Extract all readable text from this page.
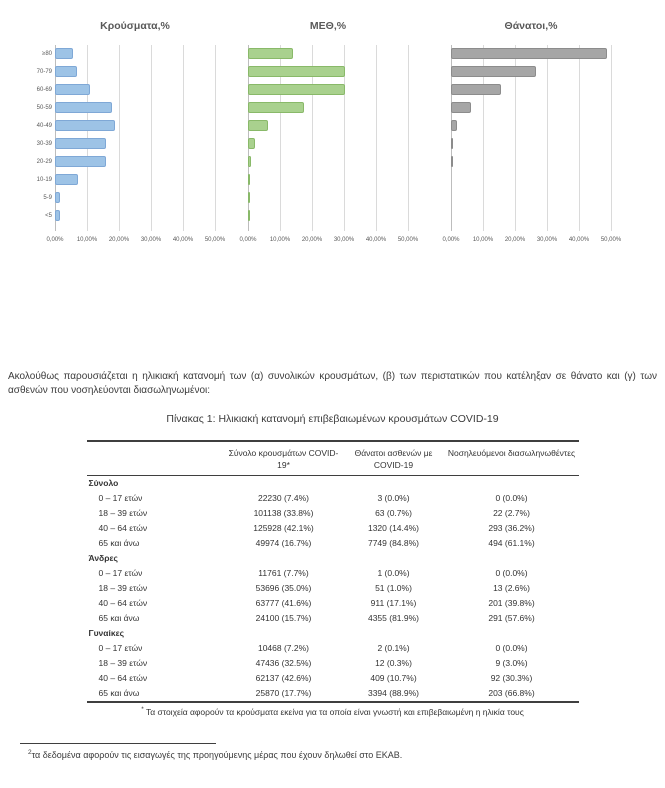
Κρούσματα,%
≥80
70-79
60-69
50-59
40-49
30-39
20-29
10-19
5-9
<5
0,00%	10,00%	20,00%	30,00%	40,00%	50,00%
ΜΕΘ,%
0,00%	10,00%	20,00%	30,00%	40,00%	50,00%
Θάνατοι,%
0,00%	10,00%	20,00%	30,00%	40,00%	50,00%

Ακολούθως παρουσιάζεται η ηλικιακή κατανομή των (α) συνολικών κρουσμάτων, (β) των περιστατικών που κατέληξαν σε θάνατο και (γ) των ασθενών που νοσηλεύονται διασωληνωμένοι:

Πίνακας 1: Ηλικιακή κατανομή επιβεβαιωμένων κρουσμάτων COVID-19
	Σύνολο κρουσμάτων COVID-19*	Θάνατοι ασθενών με COVID-19	Νοσηλευόμενοι διασωληνωθέντες
Σύνολο			
0 – 17 ετών	22230 (7.4%)	3 (0.0%)	0 (0.0%)
18 – 39 ετών	101138 (33.8%)	63 (0.7%)	22 (2.7%)
40 – 64 ετών	125928 (42.1%)	1320 (14.4%)	293 (36.2%)
65 και άνω	49974 (16.7%)	7749 (84.8%)	494 (61.1%)
Άνδρες			
0 – 17 ετών	11761 (7.7%)	1 (0.0%)	0 (0.0%)
18 – 39 ετών	53696 (35.0%)	51 (1.0%)	13 (2.6%)
40 – 64 ετών	63777 (41.6%)	911 (17.1%)	201 (39.8%)
65 και άνω	24100 (15.7%)	4355 (81.9%)	291 (57.6%)
Γυναίκες			
0 – 17 ετών	10468 (7.2%)	2 (0.1%)	0 (0.0%)
18 – 39 ετών	47436 (32.5%)	12 (0.3%)	9 (3.0%)
40 – 64 ετών	62137 (42.6%)	409 (10.7%)	92 (30.3%)
65 και άνω	25870 (17.7%)	3394 (88.9%)	203 (66.8%)
* Τα στοιχεία αφορούν τα κρούσματα εκείνα για τα οποία είναι γνωστή και επιβεβαιωμένη η ηλικία τους
$^2$τα δεδομένα αφορούν τις εισαγωγές της προηγούμενης μέρας που έχουν δηλωθεί στο ΕΚΑΒ.
